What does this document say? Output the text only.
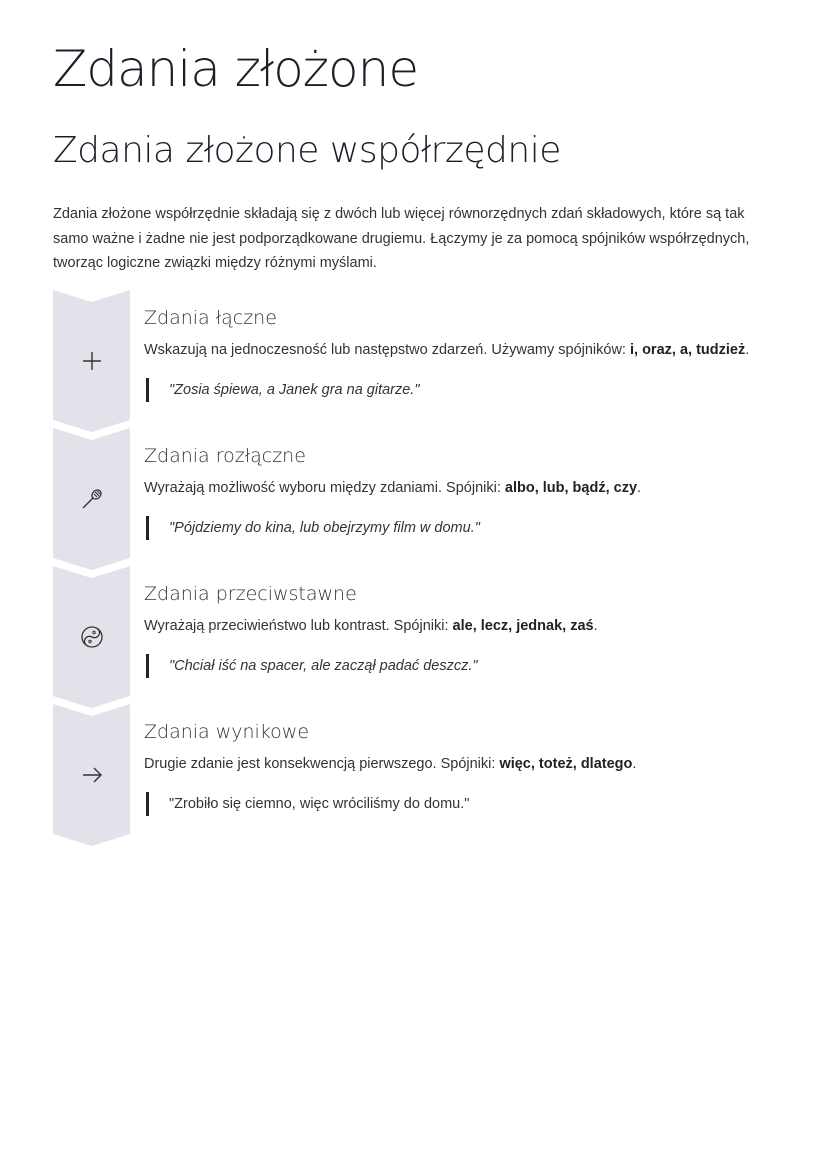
Zdania złożone
Zdania złożone współrzędnie

Zdania złożone współrzędnie składają się z dwóch lub więcej równorzędnych zdań składowych, które są tak samo ważne i żadne nie jest podporządkowane drugiemu. Łączymy je za pomocą spójników współrzędnych, tworząc logiczne związki między różnymi myślami.

Zdania łączne
Wskazują na jednoczesność lub następstwo zdarzeń. Używamy spójników: i, oraz, a, tudzież.
"Zosia śpiewa, a Janek gra na gitarze."
Zdania rozłączne
Wyrażają możliwość wyboru między zdaniami. Spójniki: albo, lub, bądź, czy.
"Pójdziemy do kina, lub obejrzymy film w domu."
Zdania przeciwstawne
Wyrażają przeciwieństwo lub kontrast. Spójniki: ale, lecz, jednak, zaś.
"Chciał iść na spacer, ale zaczął padać deszcz."
Zdania wynikowe
Drugie zdanie jest konsekwencją pierwszego. Spójniki: więc, toteż, dlatego.
"Zrobiło się ciemno, więc wróciliśmy do domu."
